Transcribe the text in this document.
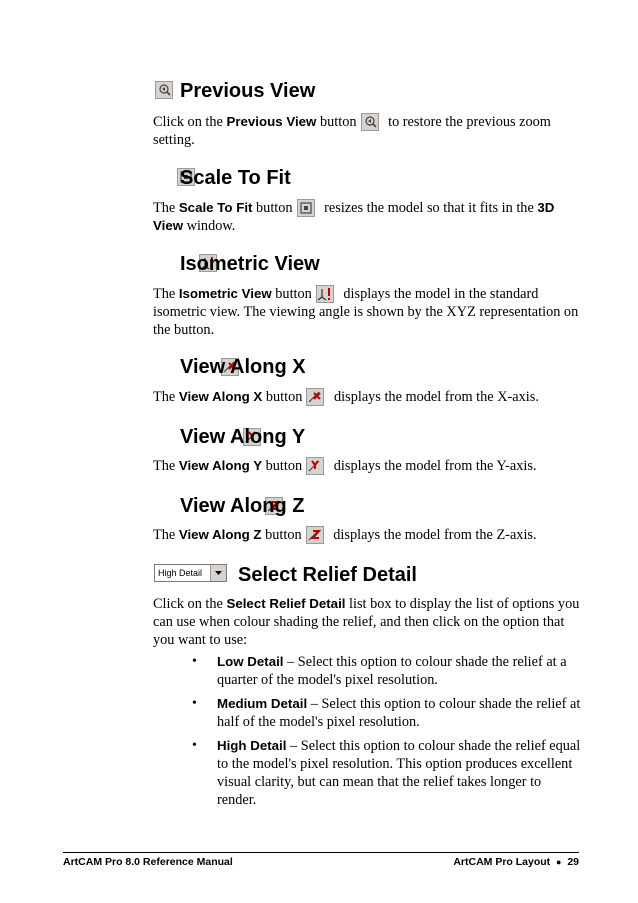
Previous View
Click on the Previous View button
to restore the previous zoom setting.

Scale To Fit
The Scale To Fit button
resizes the model so that it fits in the 3D View window.

Isometric View
The Isometric View button
displays the model in the standard isometric view. The viewing angle is shown by the XYZ representation on the button.

View Along X
The View Along X button
displays the model from the X-axis.

View Along Y
The View Along Y button
displays the model from the Y-axis.
View Along Z
The View Along Z button
displays the model from the Z-axis.
High Detail Select Relief Detail
Click on the Select Relief Detail list box to display the list of options you can use when colour shading the relief, and then click on the option that you want to use:
• Low Detail – Select this option to colour shade the relief at a quarter of the model's pixel resolution.
• Medium Detail – Select this option to colour shade the relief at half of the model's pixel resolution.
• High Detail – Select this option to colour shade the relief equal to the model's pixel resolution. This option produces excellent visual clarity, but can mean that the relief takes longer to render.
ArtCAM Pro 8.0 Reference Manual	ArtCAM Pro Layout ● 29
